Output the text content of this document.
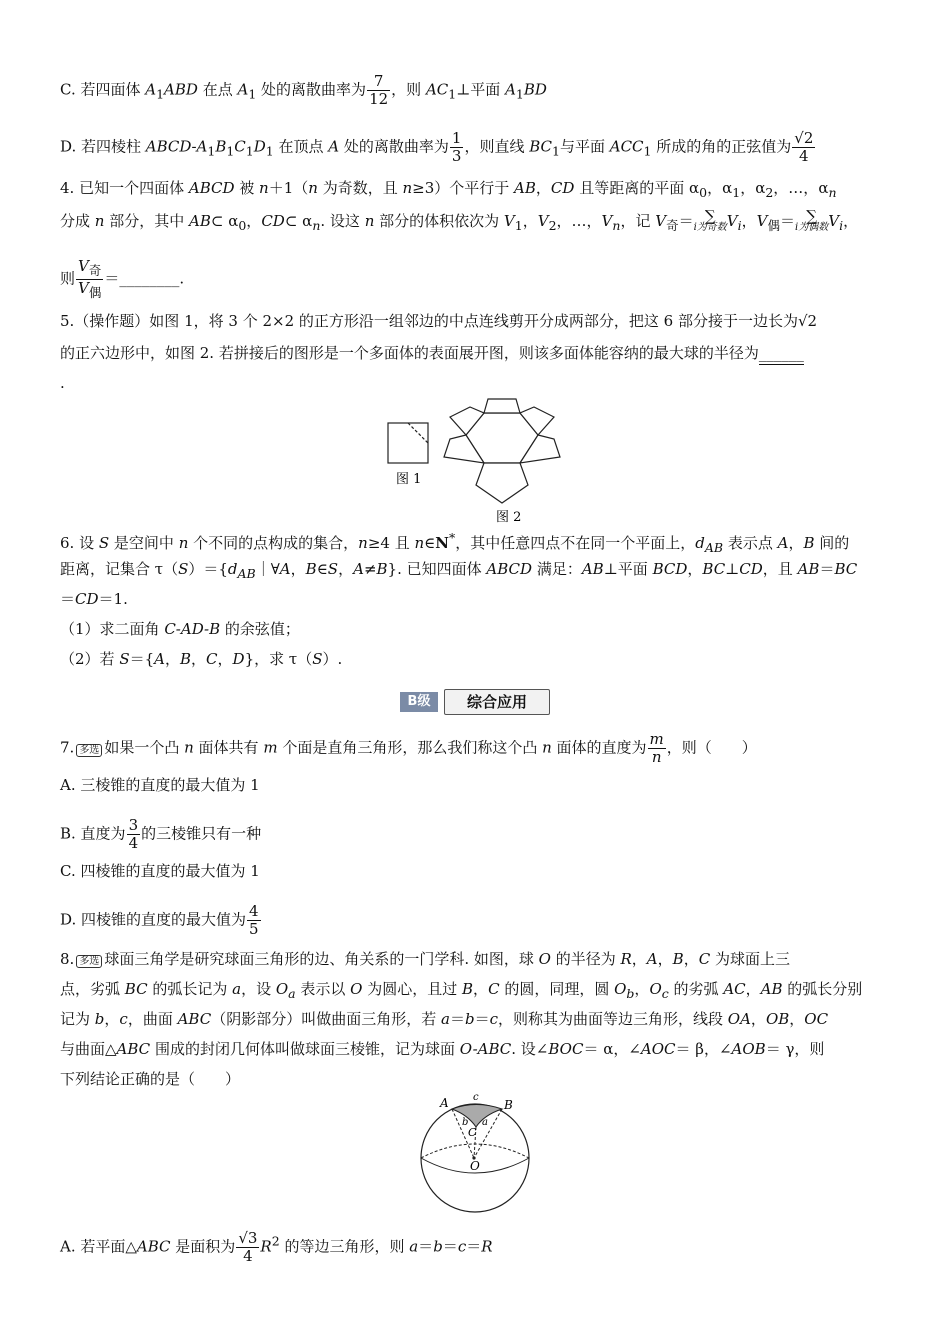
C. 若四面体 $A_1ABD$ 在点 $A_1$ 处的离散曲率为 $\frac{7}{12}$ ，则 $AC_1\perp$平面 $A_1BD$
D. 若四棱柱 ABCD-$A_1B_1C_1D_1$ 在顶点 A 处的离散曲率为 $\frac{1}{3}$ ，则直线 $BC_1$与平面 $ACC_1$ 所成的角的正弦值为 $\frac{√2}{4}$
4. 已知一个四面体 ABCD 被 n＋1（n 为奇数，且 n≥3）个平行于 AB，CD 且等距离的平面 $\alpha_0$，$\alpha_1$，$\alpha_2$，…，$\alpha_n$
分成 n 部分，其中 AB⊂ $\alpha_0$，CD⊂ $\alpha_n$. 设这 n 部分的体积依次为 $V_1$，$V_2$，…，$V_n$，记 $V_奇=$ ∑
i为奇数 $V_i$，$V_偶=$ ∑
i为偶数 $V_i$，
则 $\frac{V_奇}{V_偶}$ ＝________.
5.（操作题）如图 1，将 3 个 2×2 的正方形沿一组邻边的中点连线剪开分成两部分，把这 6 部分接于一边长为√2
的正六边形中，如图 2. 若拼接后的图形是一个多面体的表面展开图，则该多面体能容纳的最大球的半径为______
.
图 1
图 2
6. 设 S 是空间中 n 个不同的点构成的集合，n≥4 且 n∈N*，其中任意四点不在同一个平面上，$d_{AB}$ 表示点 A，B 间的
距离，记集合 $\tau(S)=\{d_{AB}|\forall A$，B∈S，A≠B}. 已知四面体 ABCD 满足：AB⊥平面 BCD，BC⊥CD，且 AB＝BC
＝CD＝1.
（1）求二面角 C-AD-B 的余弦值；
（2）若 S＝{A，B，C，D}，求 τ（S）.
B级	综合应用
7. 多选 如果一个凸 n 面体共有 m 个面是直角三角形，那么我们称这个凸 n 面体的直度为 $\frac{m}{n}$ ，则（　　）
A. 三棱锥的直度的最大值为 1
B. 直度为 $\frac{3}{4}$ 的三棱锥只有一种
C. 四棱锥的直度的最大值为 1
D. 四棱锥的直度的最大值为 $\frac{4}{5}$
8. 多选 球面三角学是研究球面三角形的边、角关系的一门学科. 如图，球 O 的半径为 R，A，B，C 为球面上三
点，劣弧 BC 的弧长记为 a，设 $O_a$ 表示以 O 为圆心，且过 B，C 的圆，同理，圆 $O_b$，$O_c$ 的劣弧 AC，AB 的弧长分别
记为 b，c，曲面 ABC（阴影部分）叫做曲面三角形，若 a＝b＝c，则称其为曲面等边三角形，线段 OA，OB，OC
与曲面△ABC 围成的封闭几何体叫做球面三棱锥，记为球面 O-ABC. 设∠BOC＝ α，∠AOC＝ β，∠AOB＝ γ，则
下列结论正确的是（　　）
A	B
C
O
c
b a
A. 若平面△ABC 是面积为 $\frac{√3}{4} R^2$ 的等边三角形，则 a＝b＝c＝R
